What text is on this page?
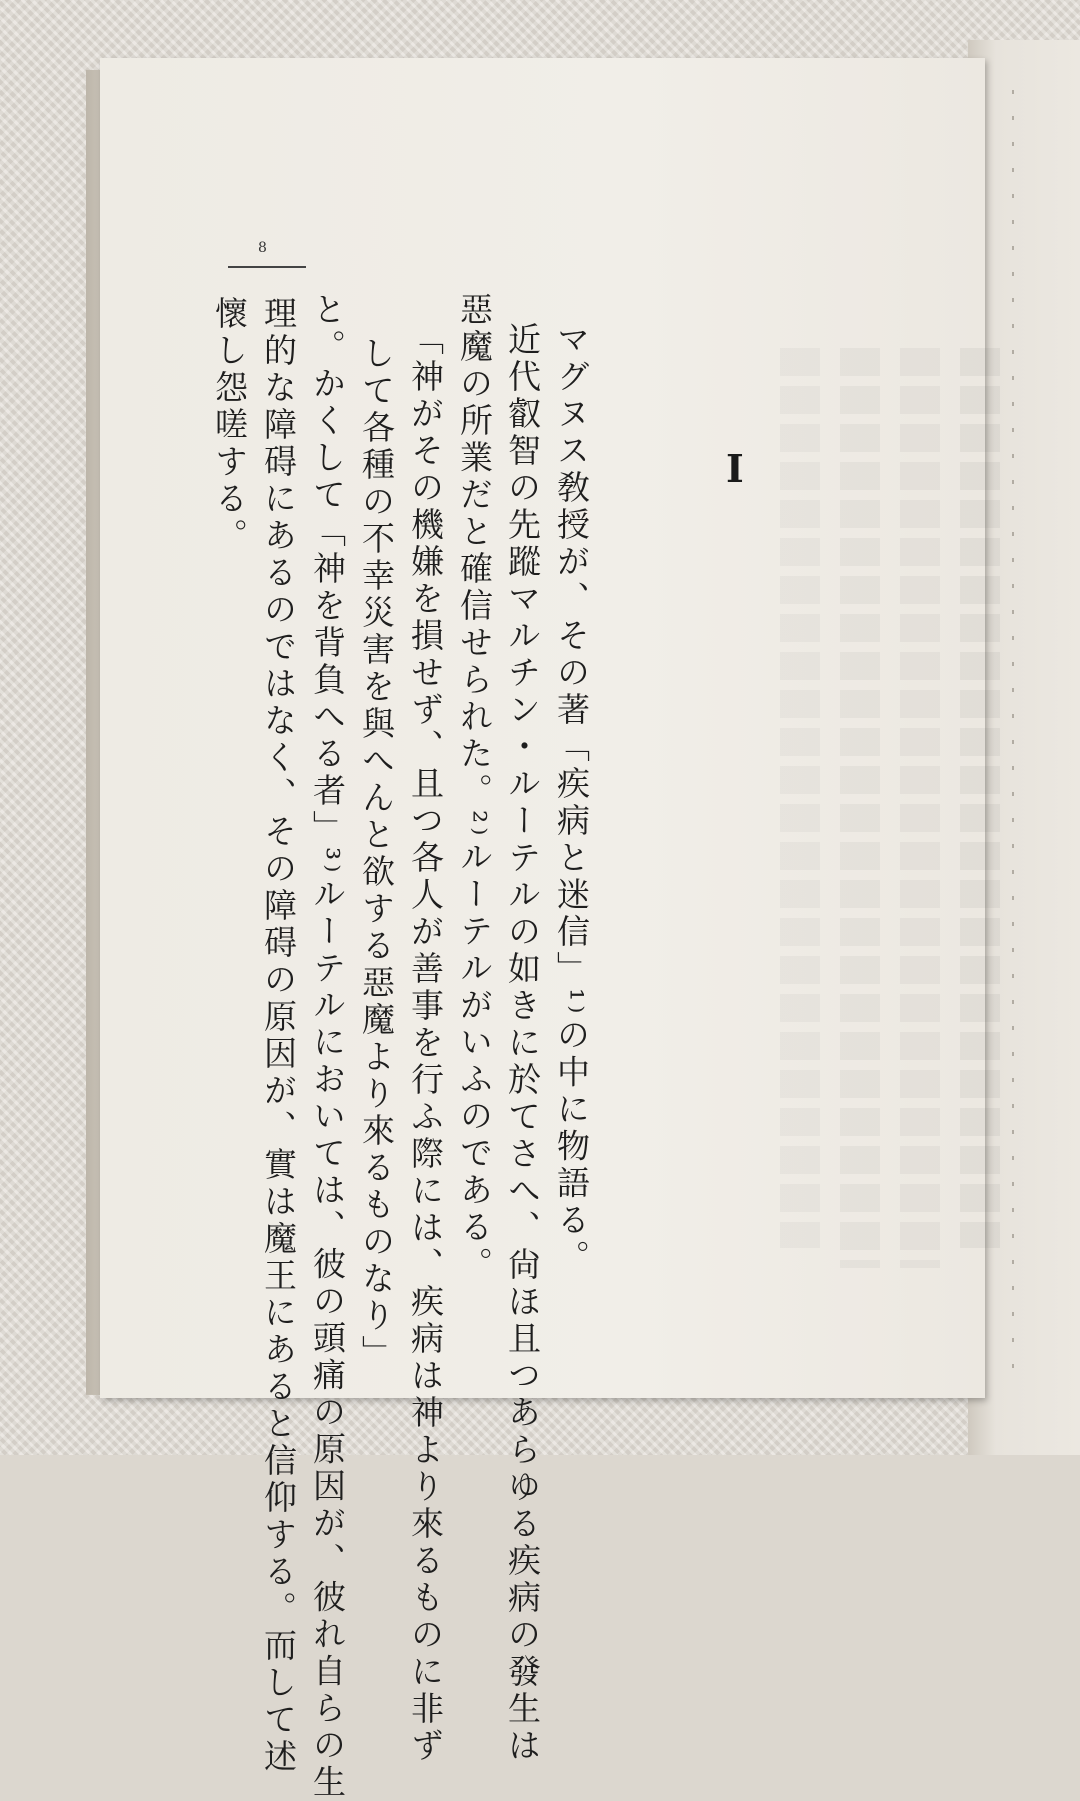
8
I
マグヌス敎授が、その著「疾病と迷信」¹⁾の中に物語る。
近代叡智の先蹤マルチン・ルーテルの如きに於てさへ、尙ほ且つあらゆる疾病の發生は
惡魔の所業だと確信せられた。²⁾ルーテルがいふのである。
「神がその機嫌を損せず、且つ各人が善事を行ふ際には、疾病は神より來るものに非ず
して各種の不幸災害を與へんと欲する惡魔より來るものなり」
と。かくして「神を背負へる者」³⁾ルーテルにおいては、彼の頭痛の原因が、彼れ自らの生
理的な障碍にあるのではなく、その障碍の原因が、實は魔王にあると信仰する。而して述
懷し怨嗟する。
